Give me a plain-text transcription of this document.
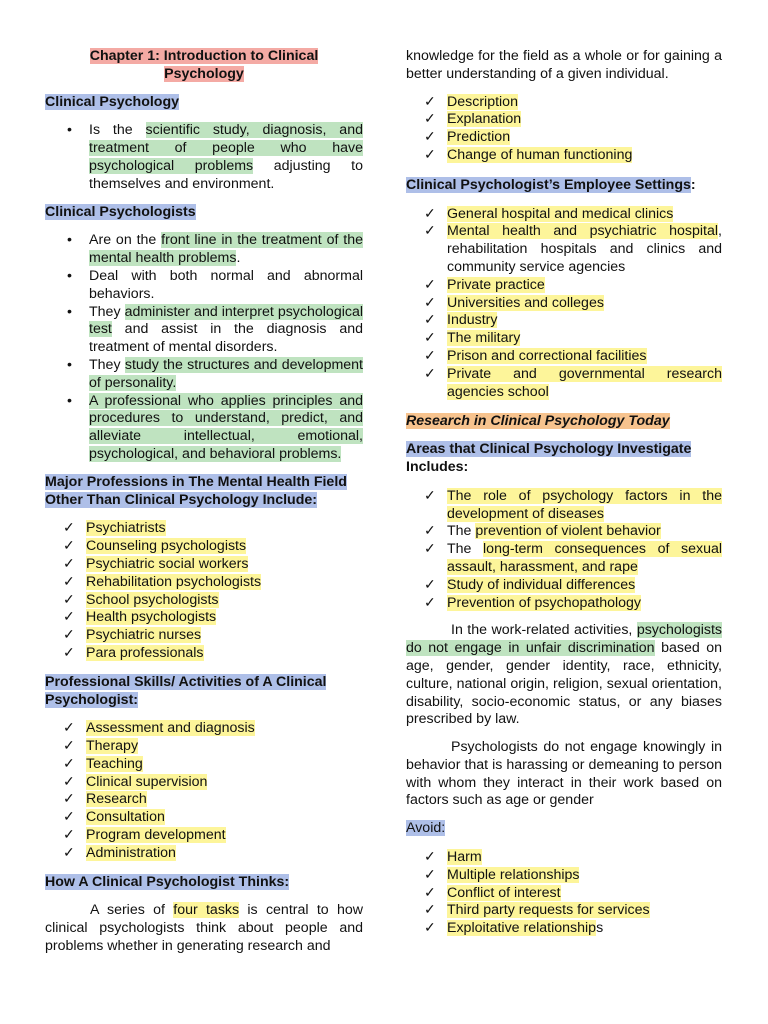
Chapter 1: Introduction to Clinical
Psychology
Clinical Psychology
• Is the scientific study, diagnosis, and treatment of people who have psychological problems adjusting to themselves and environment.
Clinical Psychologists
• Are on the front line in the treatment of the mental health problems.
• Deal with both normal and abnormal behaviors.
• They administer and interpret psychological test and assist in the diagnosis and treatment of mental disorders.
• They study the structures and development of personality.
• A professional who applies principles and procedures to understand, predict, and alleviate intellectual, emotional, psychological, and behavioral problems.
Major Professions in The Mental Health Field Other Than Clinical Psychology Include:
✓ Psychiatrists
✓ Counseling psychologists
✓ Psychiatric social workers
✓ Rehabilitation psychologists
✓ School psychologists
✓ Health psychologists
✓ Psychiatric nurses
✓ Para professionals
Professional Skills/ Activities of A Clinical Psychologist:
✓ Assessment and diagnosis
✓ Therapy
✓ Teaching
✓ Clinical supervision
✓ Research
✓ Consultation
✓ Program development
✓ Administration
How A Clinical Psychologist Thinks:

A series of four tasks is central to how clinical psychologists think about people and problems whether in generating research and

knowledge for the field as a whole or for gaining a better understanding of a given individual.

✓ Description
✓ Explanation
✓ Prediction
✓ Change of human functioning
Clinical Psychologist’s Employee Settings:
✓ General hospital and medical clinics
✓ Mental health and psychiatric hospital, rehabilitation hospitals and clinics and community service agencies
✓ Private practice
✓ Universities and colleges
✓ Industry
✓ The military
✓ Prison and correctional facilities
✓ Private and governmental research agencies school
Research in Clinical Psychology Today
Areas that Clinical Psychology Investigate
Includes:
✓ The role of psychology factors in the development of diseases
✓ The prevention of violent behavior
✓ The long-term consequences of sexual assault, harassment, and rape
✓ Study of individual differences
✓ Prevention of psychopathology

In the work-related activities, psychologists do not engage in unfair discrimination based on age, gender, gender identity, race, ethnicity, culture, national origin, religion, sexual orientation, disability, socio-economic status, or any biases prescribed by law.

Psychologists do not engage knowingly in behavior that is harassing or demeaning to person with whom they interact in their work based on factors such as age or gender

Avoid:
✓ Harm
✓ Multiple relationships
✓ Conflict of interest
✓ Third party requests for services
✓ Exploitative relationships
